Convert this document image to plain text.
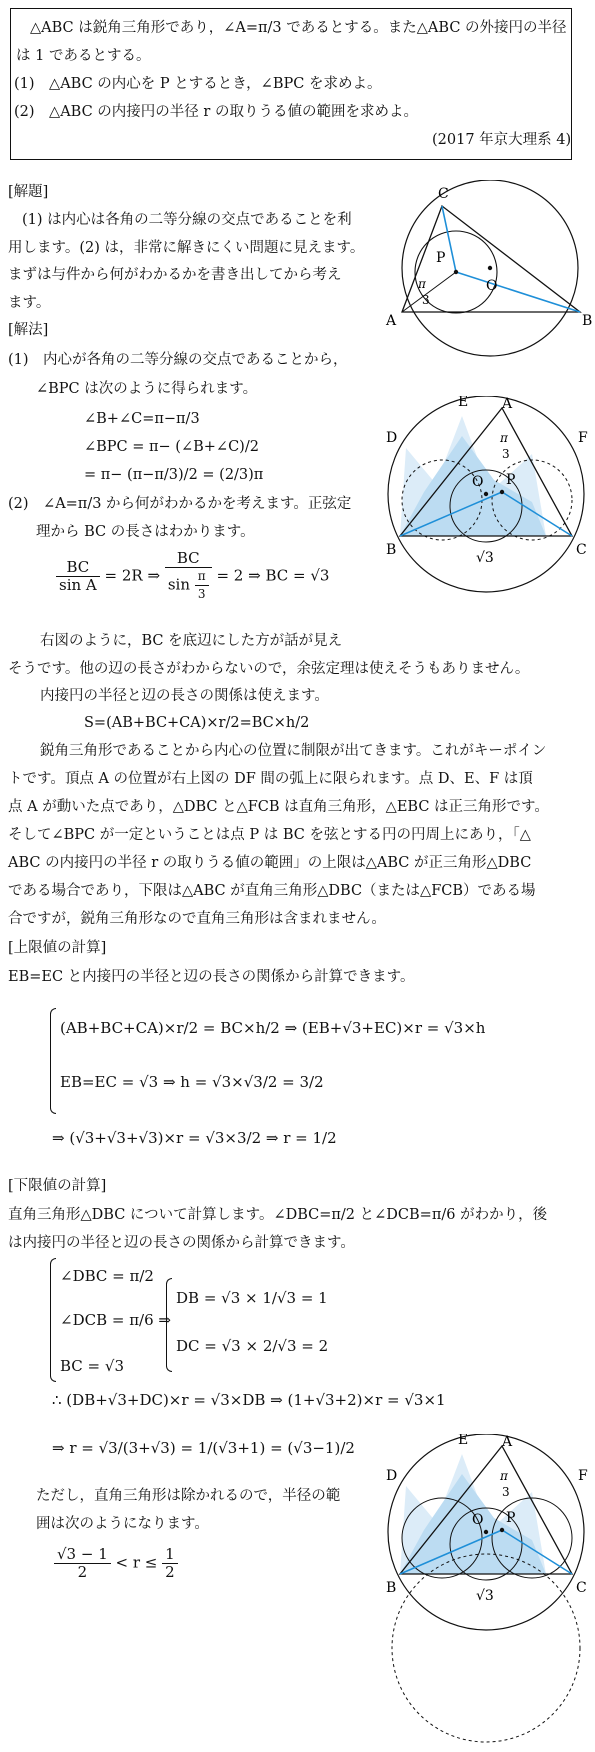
△ABC は鋭角三角形であり，∠A=π/3 であるとする。また△ABC の外接円の半径
は 1 であるとする。
(1)　△ABC の内心を P とするとき，∠BPC を求めよ。
(2)　△ABC の内接円の半径 r の取りうる値の範囲を求めよ。
(2017 年京大理系 4)
[解題]
(1) は内心は各角の二等分線の交点であることを利
用します。(2) は，非常に解きにくい問題に見えます。
まずは与件から何がわかるかを書き出してから考え
ます。
[解法]
(1)　内心が各角の二等分線の交点であることから，
∠BPC は次のように得られます。
∠B+∠C=π−π/3
∠BPC = π− (∠B+∠C)/2
= π− (π−π/3)/2 = (2/3)π
(2)　∠A=π/3 から何がわかるかを考えます。正弦定
理から BC の長さはわかります。
$\frac{BC}{\text{sin A}} = 2R$ ⇒ $\frac{BC}{\sin \frac{\pi}{3}} = 2$ ⇒ BC = √3
右図のように，BC を底辺にした方が話が見え
そうです。他の辺の長さがわからないので，余弦定理は使えそうもありません。
内接円の半径と辺の長さの関係は使えます。
S=(AB+BC+CA)×r/2=BC×h/2
鋭角三角形であることから内心の位置に制限が出てきます。これがキーポイン
トです。頂点 A の位置が右上図の DF 間の弧上に限られます。点 D、E、F は頂
点 A が動いた点であり，△DBC と△FCB は直角三角形，△EBC は正三角形です。
そして∠BPC が一定ということは点 P は BC を弦とする円の円周上にあり，「△
ABC の内接円の半径 r の取りうる値の範囲」の上限は△ABC が正三角形△DBC
である場合であり，下限は△ABC が直角三角形△DBC（または△FCB）である場
合ですが，鋭角三角形なので直角三角形は含まれません。
[上限値の計算]
EB=EC と内接円の半径と辺の長さの関係から計算できます。
(AB+BC+CA)×r/2 = BC×h/2 ⇒ (EB+√3+EC)×r = √3×h
EB=EC = √3 ⇒ h = √3×√3/2 = 3/2
⇒ (√3+√3+√3)×r = √3×3/2 ⇒ r = 1/2
[下限値の計算]
直角三角形△DBC について計算します。∠DBC=π/2 と∠DCB=π/6 がわかり，後
は内接円の半径と辺の長さの関係から計算できます。
∠DBC = π/2
∠DCB = π/6 ⇒
BC = √3
DB = √3 × 1/√3 = 1
DC = √3 × 2/√3 = 2
∴ (DB+√3+DC)×r = √3×DB ⇒ (1+√3+2)×r = √3×1
⇒ r = √3/(3+√3) = 1/(√3+1) = (√3−1)/2
ただし，直角三角形は除かれるので，半径の範
囲は次のようになります。
$\frac{√3 - 1}{2} < r \le \frac{1}{2}$
C
A	B
P
O
π
3
A
B	C
D
E
F
O P
π
3
√3
A
B	C
D
E
F
O P
π
3
√3
